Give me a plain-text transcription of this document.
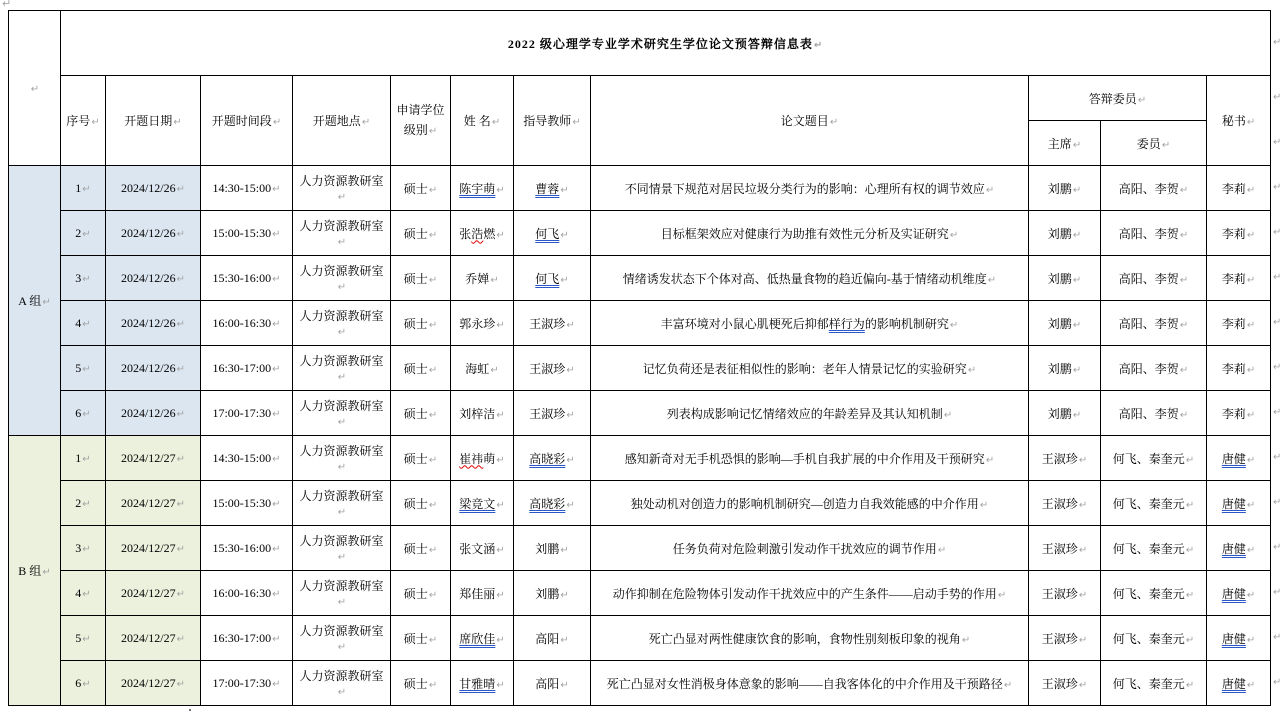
↵
↵	2022 级心理学专业学术研究生学位论文预答辩信息表↵										
	序号↵	开题日期↵	开题时间段↵	开题地点↵	申请学位级别↵	姓 名↵	指导教师↵	论文题目↵	答辩委员↵		秘书↵
									主席↵	委员↵	
A 组↵	1↵	2024/12/26↵	14:30-15:00↵	人力资源教研室↵	硕士↵	陈宇萌↵	曹蓉↵	不同情景下规范对居民垃圾分类行为的影响：心理所有权的调节效应↵	刘鹏↵	高阳、李贺↵	李莉↵
	2↵	2024/12/26↵	15:00-15:30↵	人力资源教研室↵	硕士↵	张浩燃↵	何飞↵	目标框架效应对健康行为助推有效性元分析及实证研究↵	刘鹏↵	高阳、李贺↵	李莉↵
	3↵	2024/12/26↵	15:30-16:00↵	人力资源教研室↵	硕士↵	乔婵↵	何飞↵	情绪诱发状态下个体对高、低热量食物的趋近偏向-基于情绪动机维度↵	刘鹏↵	高阳、李贺↵	李莉↵
	4↵	2024/12/26↵	16:00-16:30↵	人力资源教研室↵	硕士↵	郭永珍↵	王淑珍↵	丰富环境对小鼠心肌梗死后抑郁样行为的影响机制研究↵	刘鹏↵	高阳、李贺↵	李莉↵
	5↵	2024/12/26↵	16:30-17:00↵	人力资源教研室↵	硕士↵	海虹↵	王淑珍↵	记忆负荷还是表征相似性的影响：老年人情景记忆的实验研究↵	刘鹏↵	高阳、李贺↵	李莉↵
	6↵	2024/12/26↵	17:00-17:30↵	人力资源教研室↵	硕士↵	刘梓洁↵	王淑珍↵	列表构成影响记忆情绪效应的年龄差异及其认知机制↵	刘鹏↵	高阳、李贺↵	李莉↵
B 组↵	1↵	2024/12/27↵	14:30-15:00↵	人力资源教研室↵	硕士↵	崔祎萌↵	高晓彩↵	感知新奇对无手机恐惧的影响—手机自我扩展的中介作用及干预研究↵	王淑珍↵	何飞、秦奎元↵	唐健↵
	2↵	2024/12/27↵	15:00-15:30↵	人力资源教研室↵	硕士↵	梁竞文↵	高晓彩↵	独处动机对创造力的影响机制研究—创造力自我效能感的中介作用↵	王淑珍↵	何飞、秦奎元↵	唐健↵
	3↵	2024/12/27↵	15:30-16:00↵	人力资源教研室↵	硕士↵	张文涵↵	刘鹏↵	任务负荷对危险刺激引发动作干扰效应的调节作用↵	王淑珍↵	何飞、秦奎元↵	唐健↵
	4↵	2024/12/27↵	16:00-16:30↵	人力资源教研室↵	硕士↵	郑佳丽↵	刘鹏↵	动作抑制在危险物体引发动作干扰效应中的产生条件——启动手势的作用↵	王淑珍↵	何飞、秦奎元↵	唐健↵
	5↵	2024/12/27↵	16:30-17:00↵	人力资源教研室↵	硕士↵	席欣佳↵	高阳↵	死亡凸显对两性健康饮食的影响，食物性别刻板印象的视角↵	王淑珍↵	何飞、秦奎元↵	唐健↵
	6↵	2024/12/27↵	17:00-17:30↵	人力资源教研室↵	硕士↵	甘雅晴↵	高阳↵	死亡凸显对女性消极身体意象的影响——自我客体化的中介作用及干预路径↵	王淑珍↵	何飞、秦奎元↵	唐健↵
↵
↵
↵
↵
↵
↵
↵
↵
↵
↵
↵
↵
↵
↵
↵
